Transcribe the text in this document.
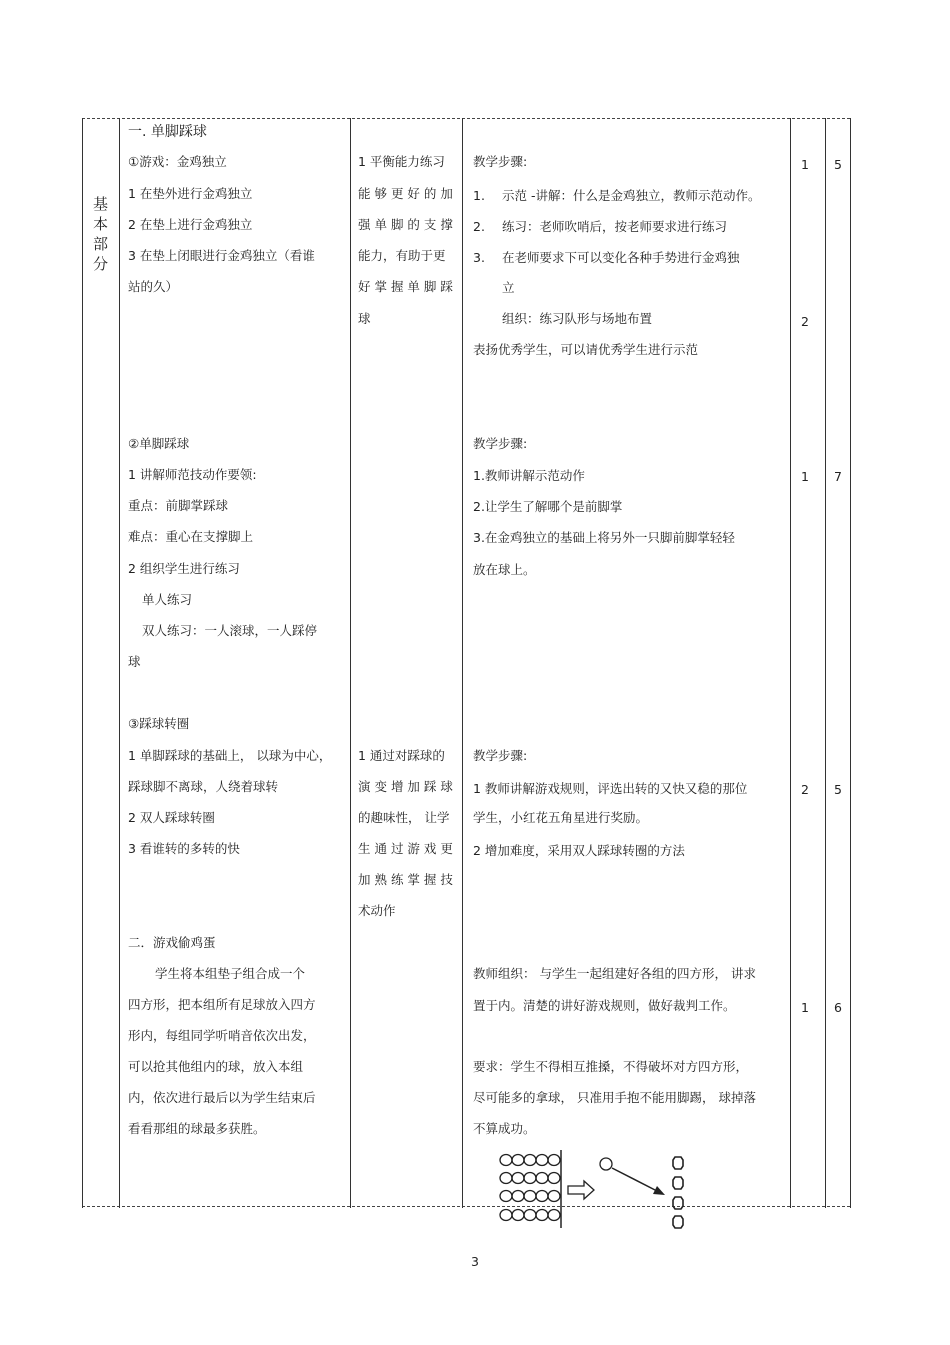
基
本
部
分
一. 单脚踩球
①游戏：金鸡独立
1 在垫外进行金鸡独立
2 在垫上进行金鸡独立
3 在垫上闭眼进行金鸡独立（看谁
站的久）
②单脚踩球
1 讲解师范技动作要领:
重点：前脚掌踩球
难点：重心在支撑脚上
2 组织学生进行练习
单人练习
双人练习：一人滚球，一人踩停
球
③踩球转圈
1 单脚踩球的基础上， 以球为中心，
踩球脚不离球，人绕着球转
2 双人踩球转圈
3 看谁转的多转的快
二．游戏偷鸡蛋
学生将本组垫子组合成一个
四方形，把本组所有足球放入四方
形内，每组同学听哨音依次出发，
可以抢其他组内的球，放入本组
内，依次进行最后以为学生结束后
看看那组的球最多获胜。
1 平衡能力练习
能 够 更 好 的 加
强 单 脚 的 支 撑
能力，有助于更
好 掌 握 单 脚 踩
球
1 通过对踩球的
演 变 增 加 踩 球
的趣味性， 让学
生 通 过 游 戏 更
加 熟 练 掌 握 技
术动作
教学步骤:
1. 示范 -讲解：什么是金鸡独立，教师示范动作。
2. 练习：老师吹哨后，按老师要求进行练习
3. 在老师要求下可以变化各种手势进行金鸡独
立
组织：练习队形与场地布置
表扬优秀学生，可以请优秀学生进行示范
教学步骤:
1.教师讲解示范动作
2.让学生了解哪个是前脚掌
3.在金鸡独立的基础上将另外一只脚前脚掌轻轻
放在球上。
教学步骤:
1 教师讲解游戏规则，评选出转的又快又稳的那位
学生，小红花五角星进行奖励。
2 增加难度，采用双人踩球转圈的方法
教师组织： 与学生一起组建好各组的四方形， 讲求
置于内。清楚的讲好游戏规则，做好裁判工作。
要求：学生不得相互推搡，不得破坏对方四方形，
尽可能多的拿球， 只准用手抱不能用脚踢， 球掉落
不算成功。
1
2
1
2
1
5
7
5
6
3
